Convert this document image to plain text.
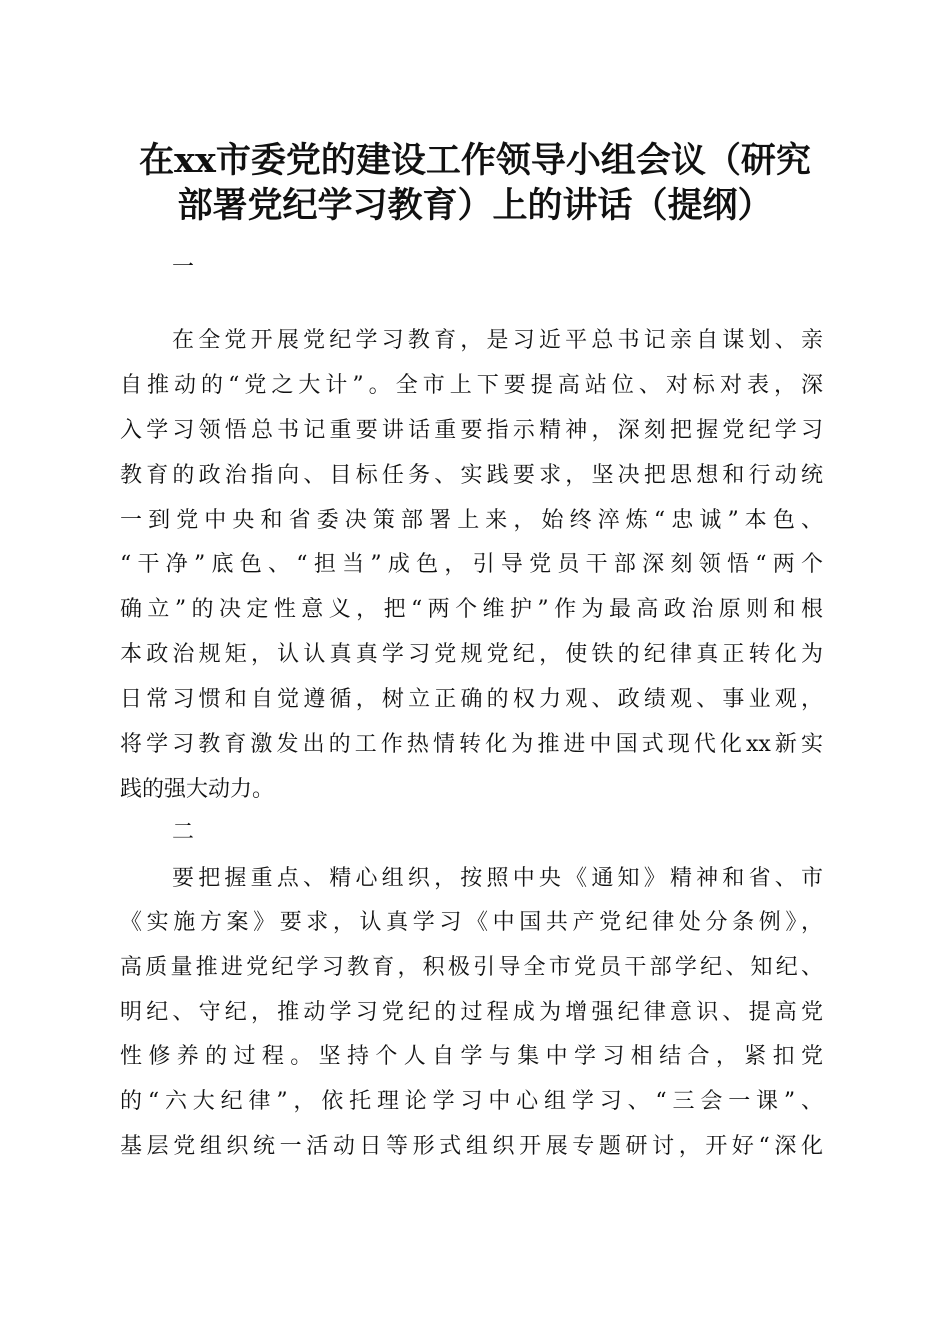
在xx市委党的建设工作领导小组会议（研究
部署党纪学习教育）上的讲话（提纲）
一
在全党开展党纪学习教育，是习近平总书记亲自谋划、亲
自推动的“党之大计”。全市上下要提高站位、对标对表，深
入学习领悟总书记重要讲话重要指示精神，深刻把握党纪学习
教育的政治指向、目标任务、实践要求，坚决把思想和行动统
一到党中央和省委决策部署上来，始终淬炼“忠诚”本色、
“干净”底色、“担当”成色，引导党员干部深刻领悟“两个
确立”的决定性意义，把“两个维护”作为最高政治原则和根
本政治规矩，认认真真学习党规党纪，使铁的纪律真正转化为
日常习惯和自觉遵循，树立正确的权力观、政绩观、事业观，
将学习教育激发出的工作热情转化为推进中国式现代化xx新实
践的强大动力。
二
要把握重点、精心组织，按照中央《通知》精神和省、市
《实施方案》要求，认真学习《中国共产党纪律处分条例》，
高质量推进党纪学习教育，积极引导全市党员干部学纪、知纪、
明纪、守纪，推动学习党纪的过程成为增强纪律意识、提高党
性修养的过程。坚持个人自学与集中学习相结合，紧扣党
的“六大纪律”，依托理论学习中心组学习、“三会一课”、
基层党组织统一活动日等形式组织开展专题研讨，开好“深化
